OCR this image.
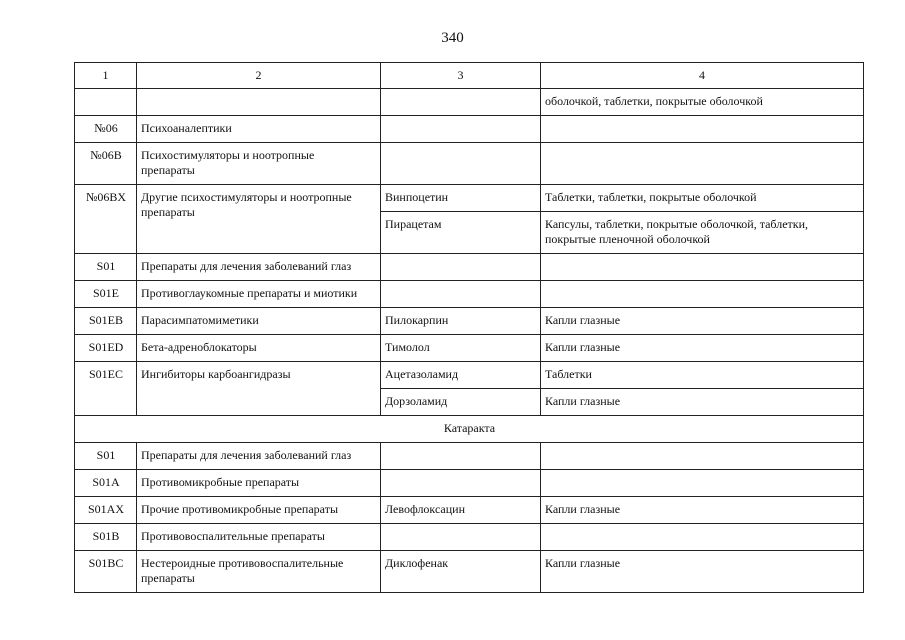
340
1	2	3	4
			оболочкой, таблетки, покрытые оболочкой
№06	Психоаналептики		
№06B	Психостимуляторы и ноотропные
препараты		
№06BX	Другие психостимуляторы и ноотропные
препараты	Винпоцетин	Таблетки, таблетки, покрытые оболочкой
		Пирацетам	Капсулы, таблетки, покрытые оболочкой, таблетки,
покрытые пленочной оболочкой
S01	Препараты для лечения заболеваний глаз		
S01E	Противоглаукомные препараты и миотики		
S01EB	Парасимпатомиметики	Пилокарпин	Капли глазные
S01ED	Бета-адреноблокаторы	Тимолол	Капли глазные
S01EC	Ингибиторы карбоангидразы	Ацетазоламид	Таблетки
		Дорзоламид	Капли глазные
Катаракта			
S01	Препараты для лечения заболеваний глаз		
S01A	Противомикробные препараты		
S01AX	Прочие противомикробные препараты	Левофлоксацин	Капли глазные
S01B	Противовоспалительные препараты		
S01BC	Нестероидные противовоспалительные
препараты	Диклофенак	Капли глазные
